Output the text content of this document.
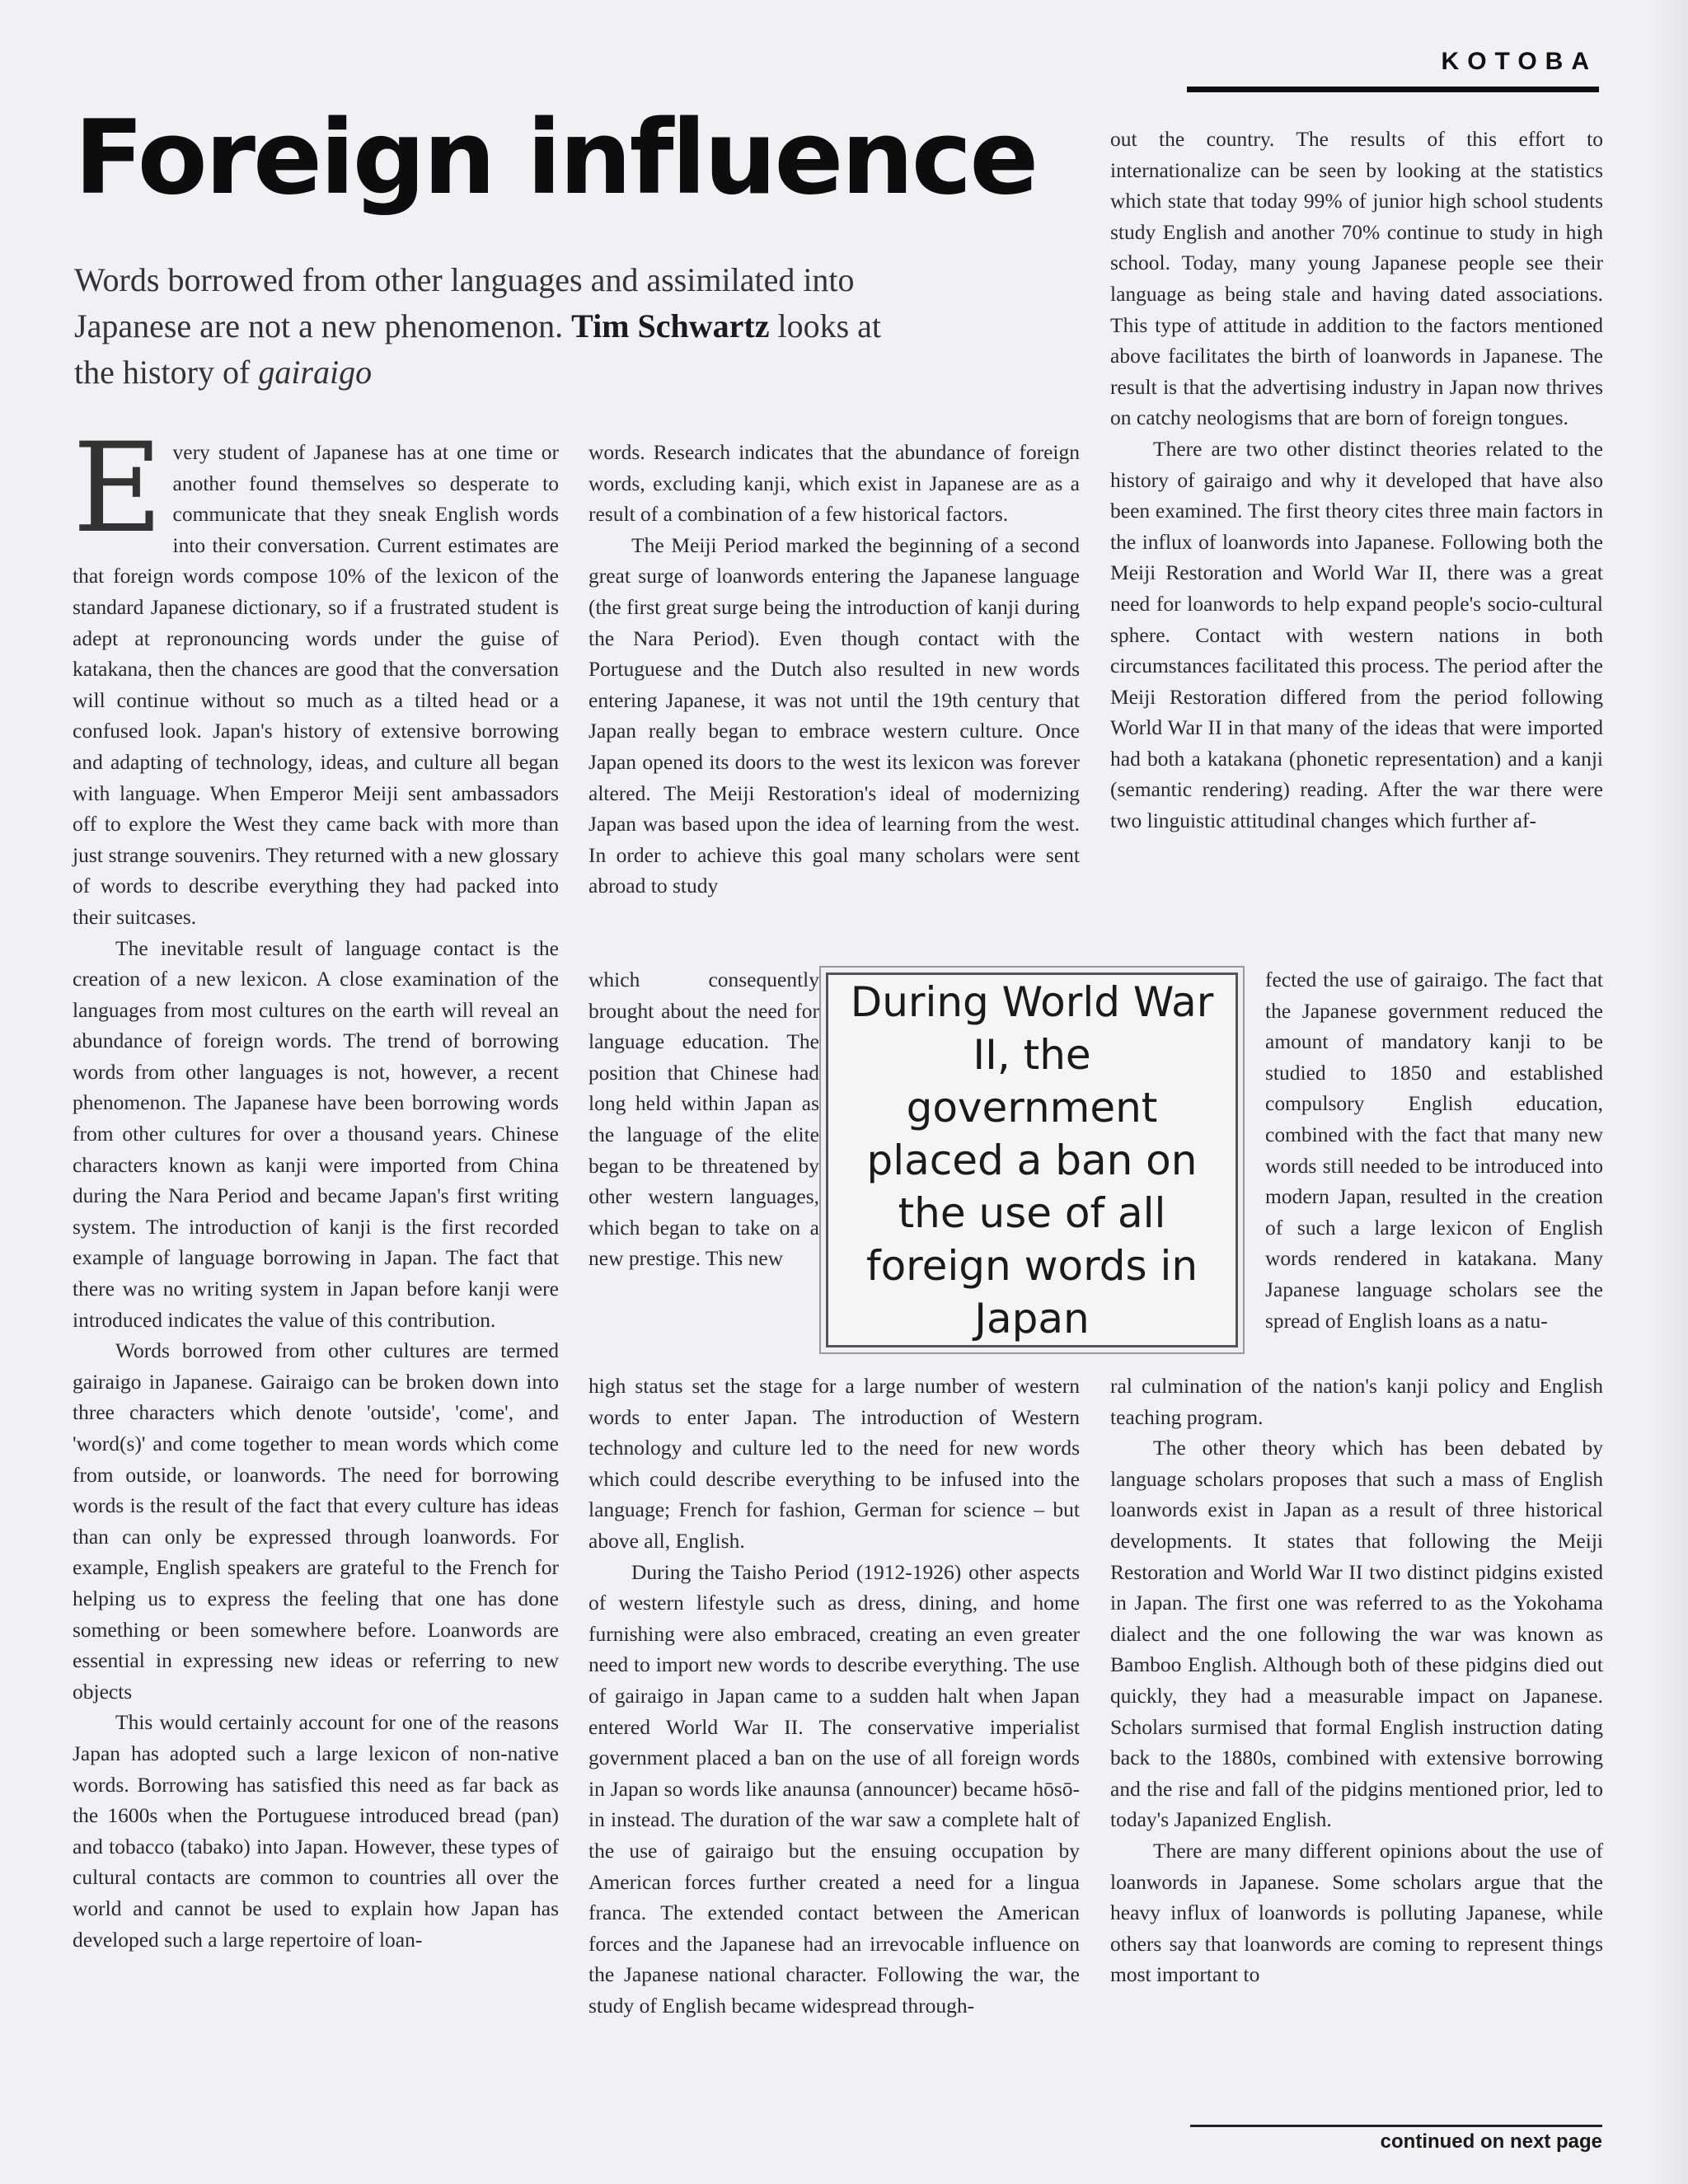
KOTOBA
Foreign influence
Words borrowed from other languages and assimilated into Japanese are not a new phenomenon. Tim Schwartz looks at the history of gairaigo

Every student of Japanese has at one time or another found themselves so desperate to communicate that they sneak English words into their conversation. Current estimates are that foreign words compose 10% of the lexicon of the standard Japanese dictionary, so if a frustrated student is adept at repronouncing words under the guise of katakana, then the chances are good that the conversation will continue without so much as a tilted head or a confused look. Japan's history of extensive borrowing and adapting of technology, ideas, and culture all began with language. When Emperor Meiji sent ambassadors off to explore the West they came back with more than just strange souvenirs. They returned with a new glossary of words to describe everything they had packed into their suitcases.

The inevitable result of language contact is the creation of a new lexicon. A close examination of the languages from most cultures on the earth will reveal an abundance of foreign words. The trend of borrowing words from other languages is not, however, a recent phenomenon. The Japanese have been borrowing words from other cultures for over a thousand years. Chinese characters known as kanji were imported from China during the Nara Period and became Japan's first writing system. The introduction of kanji is the first recorded example of language borrowing in Japan. The fact that there was no writing system in Japan before kanji were introduced indicates the value of this contribution.

Words borrowed from other cultures are termed gairaigo in Japanese. Gairaigo can be broken down into three characters which denote 'outside', 'come', and 'word(s)' and come together to mean words which come from outside, or loanwords. The need for borrowing words is the result of the fact that every culture has ideas than can only be expressed through loanwords. For example, English speakers are grateful to the French for helping us to express the feeling that one has done something or been somewhere before. Loanwords are essential in expressing new ideas or referring to new objects

This would certainly account for one of the reasons Japan has adopted such a large lexicon of non-native words. Borrowing has satisfied this need as far back as the 1600s when the Portuguese introduced bread (pan) and tobacco (tabako) into Japan. However, these types of cultural contacts are common to countries all over the world and cannot be used to explain how Japan has developed such a large repertoire of loan-

words. Research indicates that the abundance of foreign words, excluding kanji, which exist in Japanese are as a result of a combination of a few historical factors.

The Meiji Period marked the beginning of a second great surge of loanwords entering the Japanese language (the first great surge being the introduction of kanji during the Nara Period). Even though contact with the Portuguese and the Dutch also resulted in new words entering Japanese, it was not until the 19th century that Japan really began to embrace western culture. Once Japan opened its doors to the west its lexicon was forever altered. The Meiji Restoration's ideal of modernizing Japan was based upon the idea of learning from the west. In order to achieve this goal many scholars were sent abroad to study

which consequently brought about the need for language education. The position that Chinese had long held within Japan as the language of the elite began to be threatened by other western languages, which began to take on a new prestige. This new

high status set the stage for a large number of western words to enter Japan. The introduction of Western technology and culture led to the need for new words which could describe everything to be infused into the language; French for fashion, German for science – but above all, English.

During the Taisho Period (1912-1926) other aspects of western lifestyle such as dress, dining, and home furnishing were also embraced, creating an even greater need to import new words to describe everything. The use of gairaigo in Japan came to a sudden halt when Japan entered World War II. The conservative imperialist government placed a ban on the use of all foreign words in Japan so words like anaunsa (announcer) became hōsō-in instead. The duration of the war saw a complete halt of the use of gairaigo but the ensuing occupation by American forces further created a need for a lingua franca. The extended contact between the American forces and the Japanese had an irrevocable influence on the Japanese national character. Following the war, the study of English became widespread through-

out the country. The results of this effort to internationalize can be seen by looking at the statistics which state that today 99% of junior high school students study English and another 70% continue to study in high school. Today, many young Japanese people see their language as being stale and having dated associations. This type of attitude in addition to the factors mentioned above facilitates the birth of loanwords in Japanese. The result is that the advertising industry in Japan now thrives on catchy neologisms that are born of foreign tongues.

There are two other distinct theories related to the history of gairaigo and why it developed that have also been examined. The first theory cites three main factors in the influx of loanwords into Japanese. Following both the Meiji Restoration and World War II, there was a great need for loanwords to help expand people's socio-cultural sphere. Contact with western nations in both circumstances facilitated this process. The period after the Meiji Restoration differed from the period following World War II in that many of the ideas that were imported had both a katakana (phonetic representation) and a kanji (semantic rendering) reading. After the war there were two linguistic attitudinal changes which further af-

fected the use of gairaigo. The fact that the Japanese government reduced the amount of mandatory kanji to be studied to 1850 and established compulsory English education, combined with the fact that many new words still needed to be introduced into modern Japan, resulted in the creation of such a large lexicon of English words rendered in katakana. Many Japanese language scholars see the spread of English loans as a natu-

ral culmination of the nation's kanji policy and English teaching program.

The other theory which has been debated by language scholars proposes that such a mass of English loanwords exist in Japan as a result of three historical developments. It states that following the Meiji Restoration and World War II two distinct pidgins existed in Japan. The first one was referred to as the Yokohama dialect and the one following the war was known as Bamboo English. Although both of these pidgins died out quickly, they had a measurable impact on Japanese. Scholars surmised that formal English instruction dating back to the 1880s, combined with extensive borrowing and the rise and fall of the pidgins mentioned prior, led to today's Japanized English.

There are many different opinions about the use of loanwords in Japanese. Some scholars argue that the heavy influx of loanwords is polluting Japanese, while others say that loanwords are coming to represent things most important to

During World War II, the government placed a ban on the use of all foreign words in Japan
continued on next page
